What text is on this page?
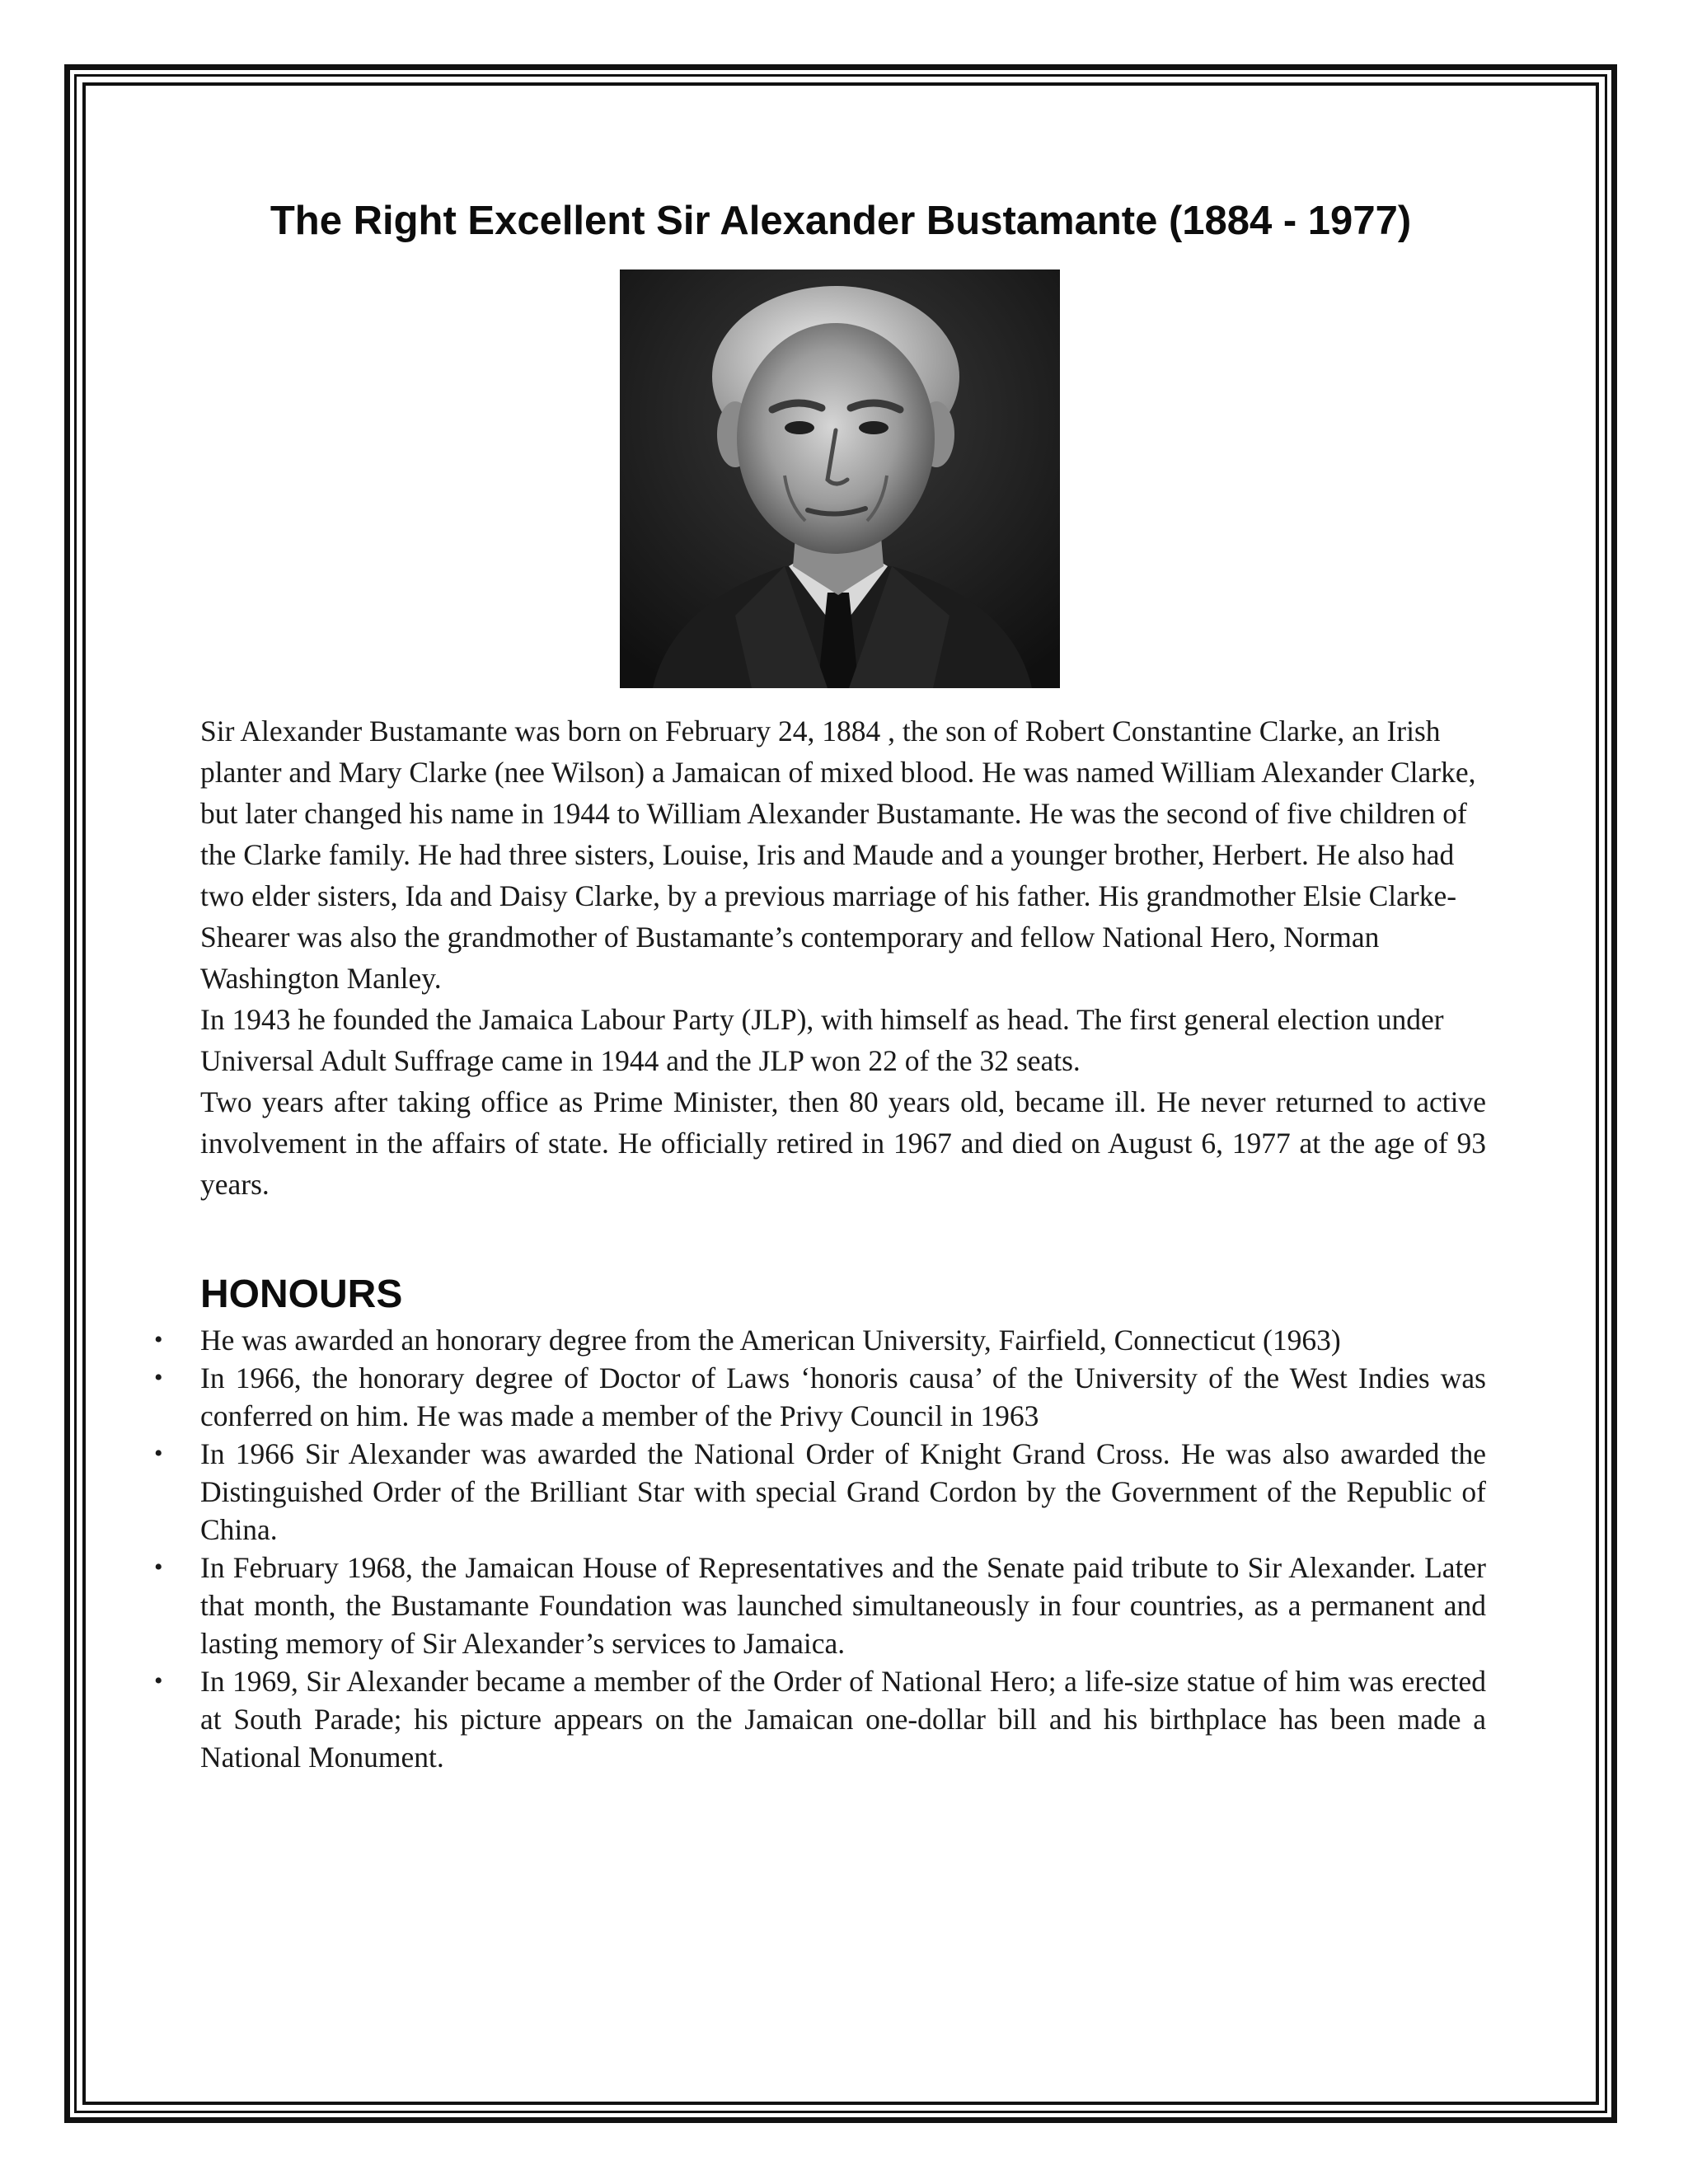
The Right Excellent Sir Alexander Bustamante (1884 - 1977)

Sir Alexander Bustamante was born on February 24, 1884 , the son of Robert Constantine Clarke, an Irish planter and Mary Clarke (nee Wilson) a Jamaican of mixed blood. He was named William Alexander Clarke, but later changed his name in 1944 to William Alexander Bustamante. He was the second of five children of the Clarke family. He had three sisters, Louise, Iris and Maude and a younger brother, Herbert. He also had two elder sisters, Ida and Daisy Clarke, by a previous marriage of his father. His grandmother Elsie Clarke-Shearer was also the grandmother of Bustamante’s contemporary and fellow National Hero, Norman Washington Manley.

In 1943 he founded the Jamaica Labour Party (JLP), with himself as head. The first general election under Universal Adult Suffrage came in 1944 and the JLP won 22 of the 32 seats.

Two years after taking office as Prime Minister, then 80 years old, became ill. He never returned to active involvement in the affairs of state. He officially retired in 1967 and died on August 6, 1977 at the age of 93 years.

HONOURS
• He was awarded an honorary degree from the American University, Fairfield, Connecticut (1963)
• In 1966, the honorary degree of Doctor of Laws ‘honoris causa’ of the University of the West Indies was conferred on him. He was made a member of the Privy Council in 1963
• In 1966 Sir Alexander was awarded the National Order of Knight Grand Cross. He was also awarded the Distinguished Order of the Brilliant Star with special Grand Cordon by the Government of the Republic of China.
• In February 1968, the Jamaican House of Representatives and the Senate paid tribute to Sir Alexander. Later that month, the Bustamante Foundation was launched simultaneously in four countries, as a permanent and lasting memory of Sir Alexander’s services to Jamaica.
• In 1969, Sir Alexander became a member of the Order of National Hero; a life-size statue of him was erected at South Parade; his picture appears on the Jamaican one-dollar bill and his birthplace has been made a National Monument.
